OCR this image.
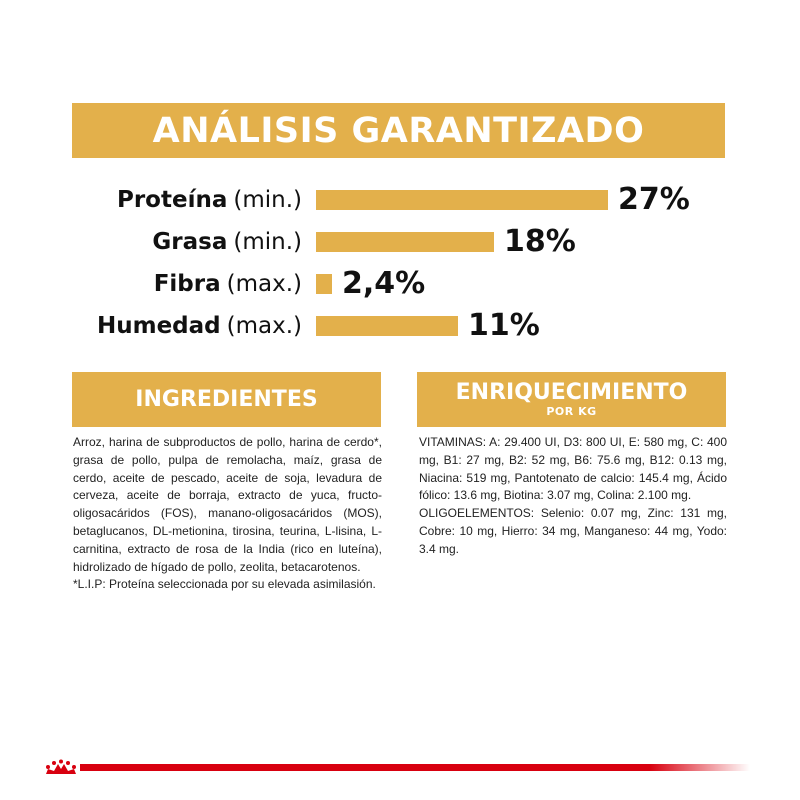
ANÁLISIS GARANTIZADO
Proteína (min.)	27%
Grasa (min.)	18%
Fibra (max.) 2,4%
Humedad (max.)	11%
INGREDIENTES

Arroz, harina de subproductos de pollo, harina de cerdo*, grasa de pollo, pulpa de remolacha, maíz, grasa de cerdo, aceite de pescado, aceite de soja, levadura de cerveza, aceite de borraja, extracto de yuca, fructo-oligosacáridos (FOS), manano-oligosacáridos (MOS), betaglucanos, DL-metionina, tirosina, teurina, L-lisina, L-carnitina, extracto de rosa de la India (rico en luteína), hidrolizado de hígado de pollo, zeolita, betacarotenos.

*L.I.P: Proteína seleccionada por su elevada asimilasión.

ENRIQUECIMIENTO
POR KG

VITAMINAS: A: 29.400 UI, D3: 800 UI, E: 580 mg, C: 400 mg, B1: 27 mg, B2: 52 mg, B6: 75.6 mg, B12: 0.13 mg, Niacina: 519 mg, Pantotenato de calcio: 145.4 mg, Ácido fólico: 13.6 mg, Biotina: 3.07 mg, Colina: 2.100 mg.

OLIGOELEMENTOS: Selenio: 0.07 mg, Zinc: 131 mg, Cobre: 10 mg, Hierro: 34 mg, Manganeso: 44 mg, Yodo: 3.4 mg.
